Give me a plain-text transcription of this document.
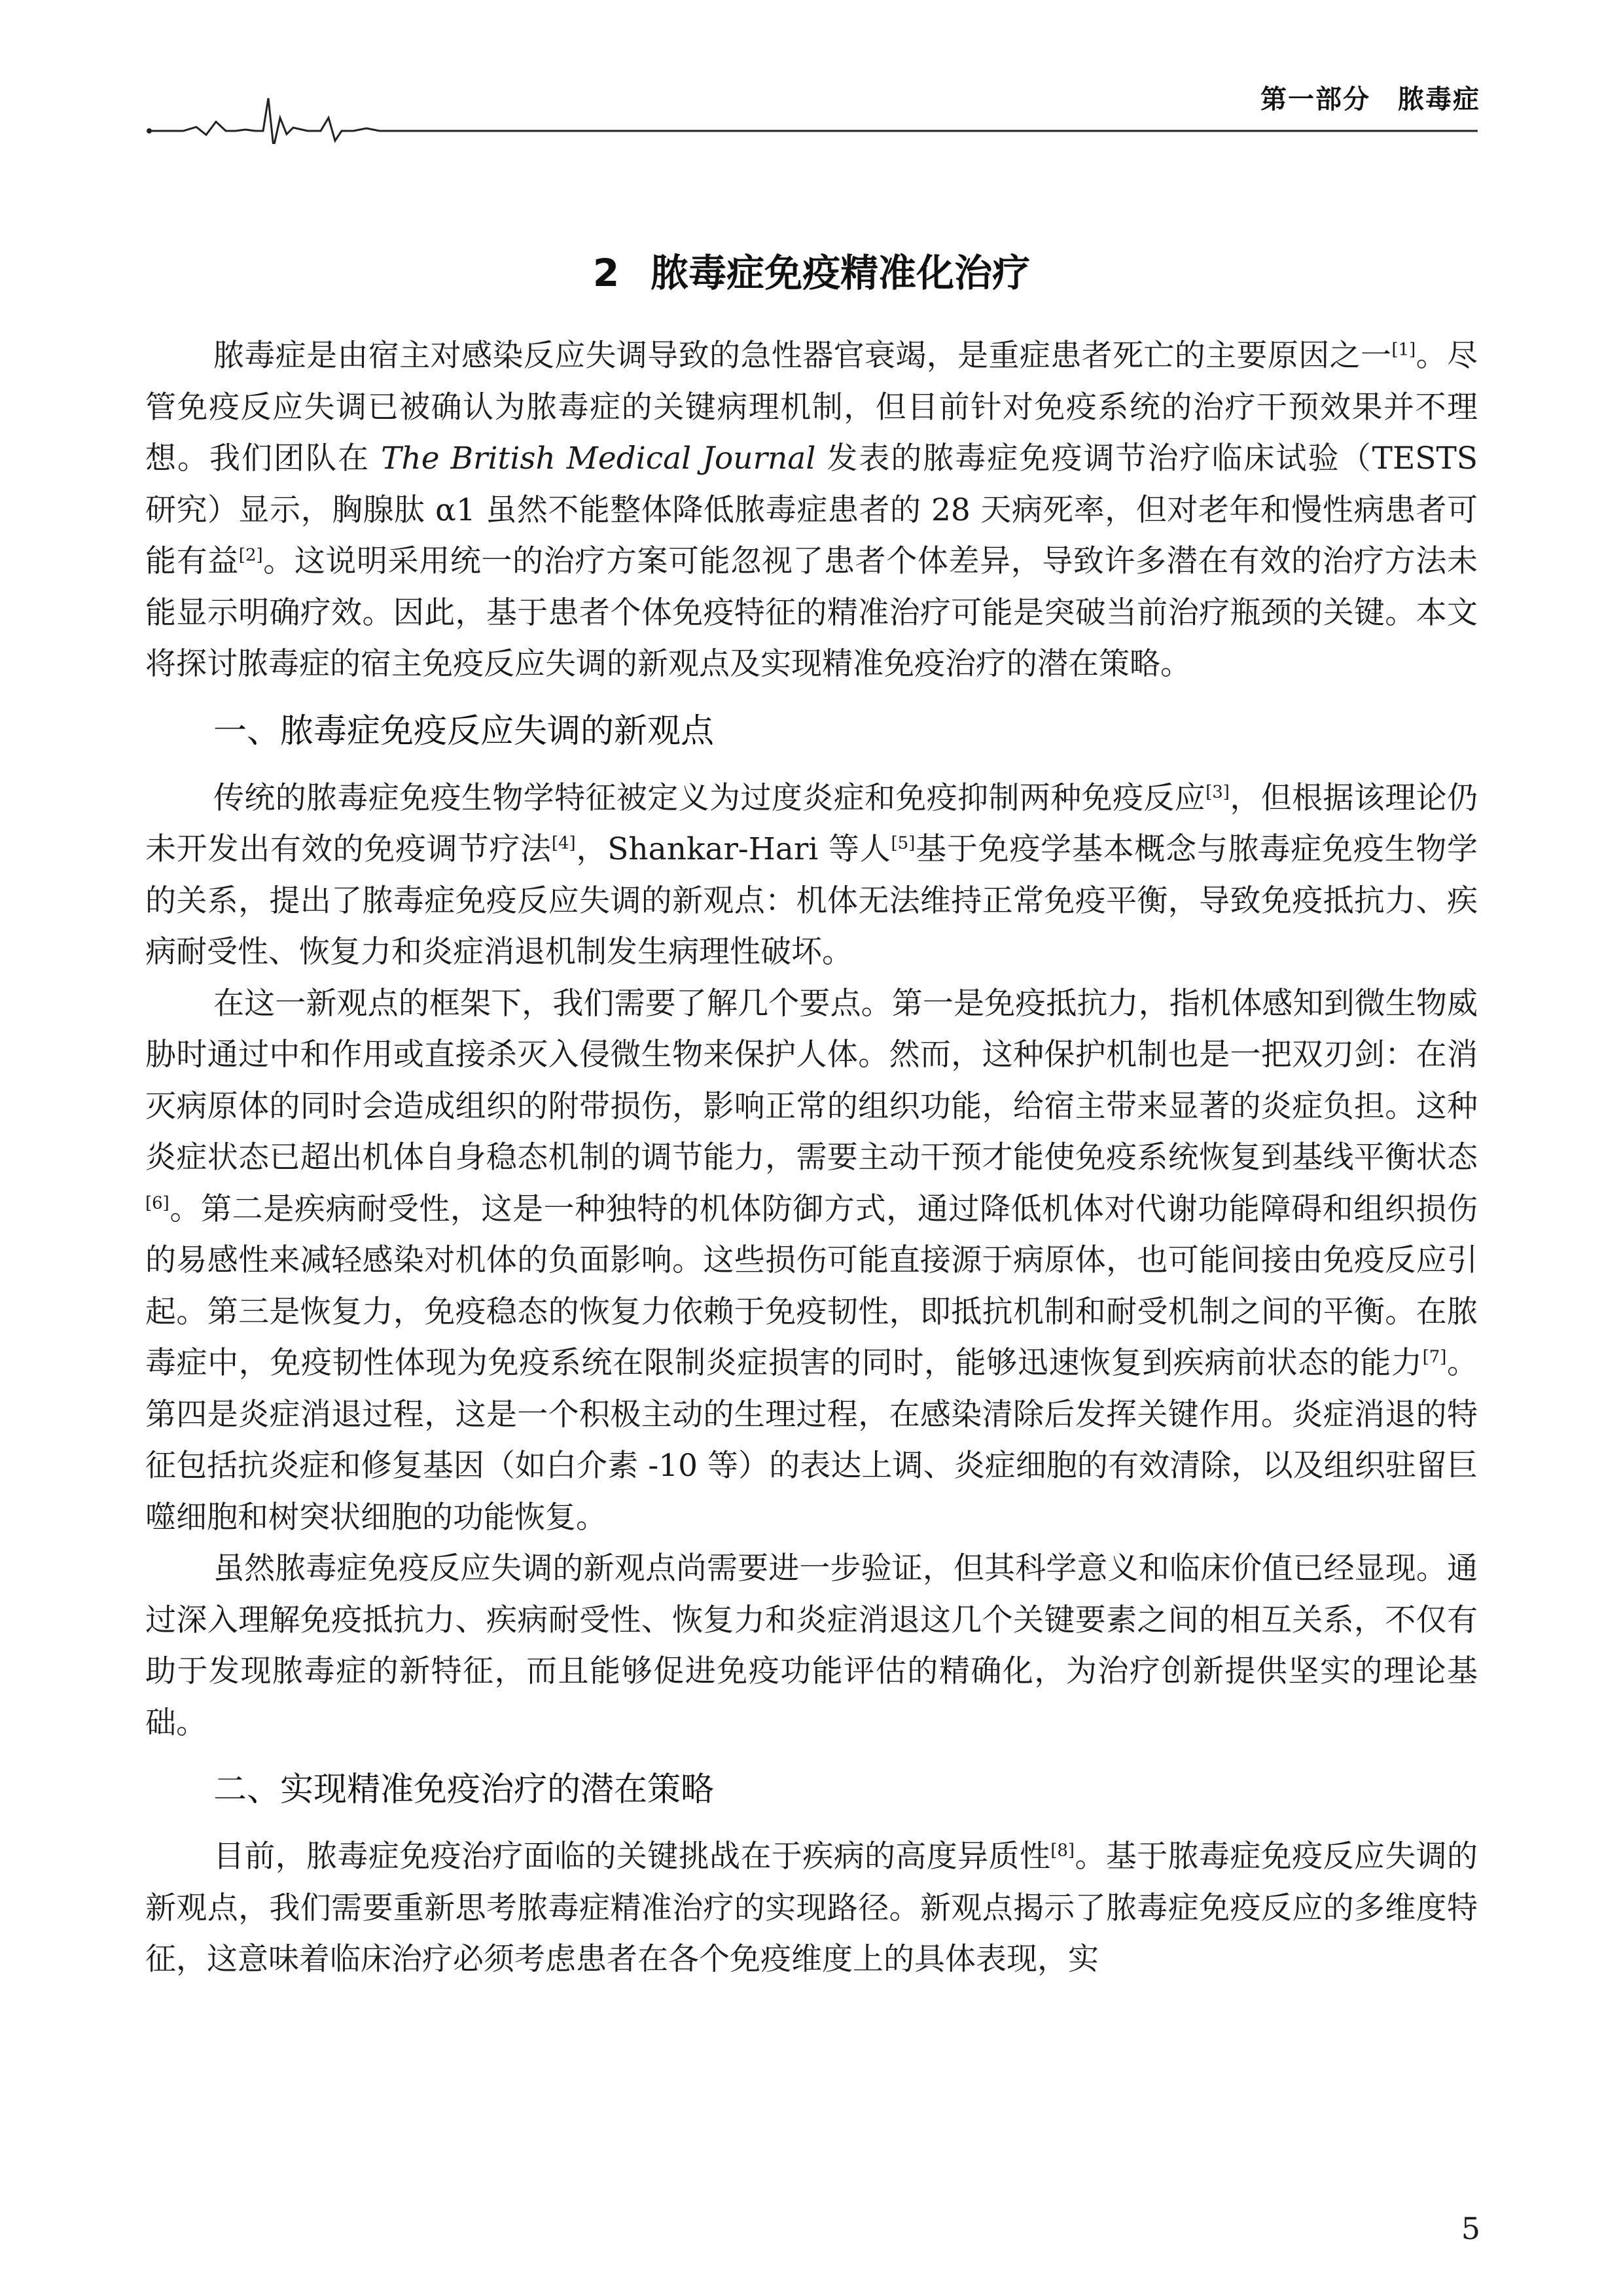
第一部分　脓毒症
2 脓毒症免疫精准化治疗

脓毒症是由宿主对感染反应失调导致的急性器官衰竭，是重症患者死亡的主要原因之一[1]。尽管免疫反应失调已被确认为脓毒症的关键病理机制，但目前针对免疫系统的治疗干预效果并不理想。我们团队在 The British Medical Journal 发表的脓毒症免疫调节治疗临床试验（TESTS 研究）显示，胸腺肽 α1 虽然不能整体降低脓毒症患者的 28 天病死率，但对老年和慢性病患者可能有益[2]。这说明采用统一的治疗方案可能忽视了患者个体差异，导致许多潜在有效的治疗方法未能显示明确疗效。因此，基于患者个体免疫特征的精准治疗可能是突破当前治疗瓶颈的关键。本文将探讨脓毒症的宿主免疫反应失调的新观点及实现精准免疫治疗的潜在策略。

一、脓毒症免疫反应失调的新观点

传统的脓毒症免疫生物学特征被定义为过度炎症和免疫抑制两种免疫反应[3]，但根据该理论仍未开发出有效的免疫调节疗法[4]，Shankar-Hari 等人[5]基于免疫学基本概念与脓毒症免疫生物学的关系，提出了脓毒症免疫反应失调的新观点：机体无法维持正常免疫平衡，导致免疫抵抗力、疾病耐受性、恢复力和炎症消退机制发生病理性破坏。

在这一新观点的框架下，我们需要了解几个要点。第一是免疫抵抗力，指机体感知到微生物威胁时通过中和作用或直接杀灭入侵微生物来保护人体。然而，这种保护机制也是一把双刃剑：在消灭病原体的同时会造成组织的附带损伤，影响正常的组织功能，给宿主带来显著的炎症负担。这种炎症状态已超出机体自身稳态机制的调节能力，需要主动干预才能使免疫系统恢复到基线平衡状态[6]。第二是疾病耐受性，这是一种独特的机体防御方式，通过降低机体对代谢功能障碍和组织损伤的易感性来减轻感染对机体的负面影响。这些损伤可能直接源于病原体，也可能间接由免疫反应引起。第三是恢复力，免疫稳态的恢复力依赖于免疫韧性，即抵抗机制和耐受机制之间的平衡。在脓毒症中，免疫韧性体现为免疫系统在限制炎症损害的同时，能够迅速恢复到疾病前状态的能力[7]。第四是炎症消退过程，这是一个积极主动的生理过程，在感染清除后发挥关键作用。炎症消退的特征包括抗炎症和修复基因（如白介素 -10 等）的表达上调、炎症细胞的有效清除，以及组织驻留巨噬细胞和树突状细胞的功能恢复。

虽然脓毒症免疫反应失调的新观点尚需要进一步验证，但其科学意义和临床价值已经显现。通过深入理解免疫抵抗力、疾病耐受性、恢复力和炎症消退这几个关键要素之间的相互关系，不仅有助于发现脓毒症的新特征，而且能够促进免疫功能评估的精确化，为治疗创新提供坚实的理论基础。

二、实现精准免疫治疗的潜在策略

目前，脓毒症免疫治疗面临的关键挑战在于疾病的高度异质性[8]。基于脓毒症免疫反应失调的新观点，我们需要重新思考脓毒症精准治疗的实现路径。新观点揭示了脓毒症免疫反应的多维度特征，这意味着临床治疗必须考虑患者在各个免疫维度上的具体表现，实

5
